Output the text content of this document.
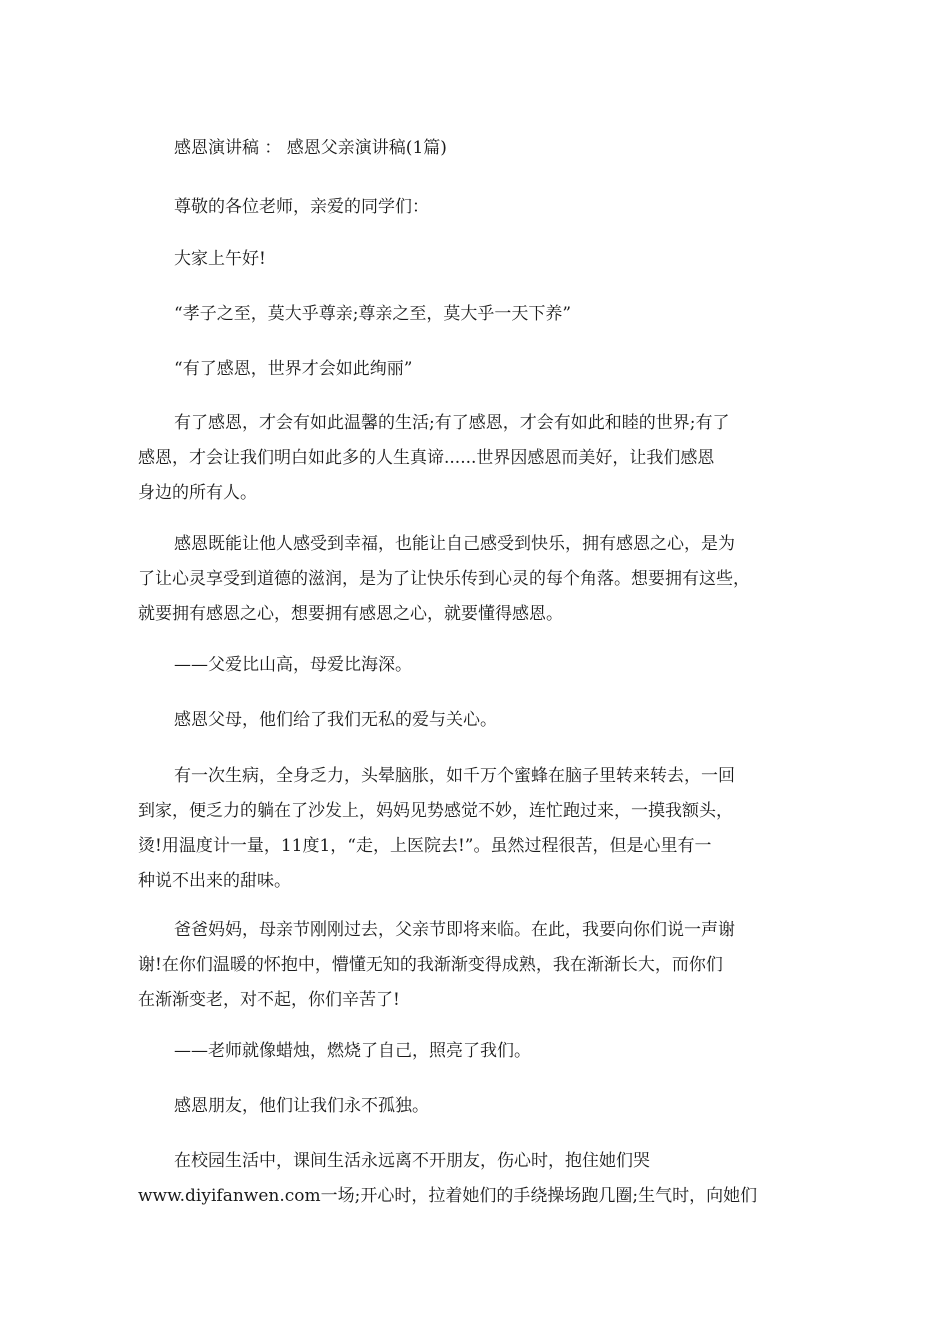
感恩演讲稿 ： 感恩父亲演讲稿(1篇)

尊敬的各位老师，亲爱的同学们：

大家上午好!

“孝子之至，莫大乎尊亲;尊亲之至，莫大乎一天下养”

“有了感恩，世界才会如此绚丽”

有了感恩，才会有如此温馨的生活;有了感恩，才会有如此和睦的世界;有了
感恩，才会让我们明白如此多的人生真谛......世界因感恩而美好，让我们感恩
身边的所有人。
感恩既能让他人感受到幸福，也能让自己感受到快乐，拥有感恩之心，是为
了让心灵享受到道德的滋润，是为了让快乐传到心灵的每个角落。想要拥有这些，
就要拥有感恩之心，想要拥有感恩之心，就要懂得感恩。

——父爱比山高，母爱比海深。

感恩父母，他们给了我们无私的爱与关心。

有一次生病，全身乏力，头晕脑胀，如千万个蜜蜂在脑子里转来转去，一回
到家，便乏力的躺在了沙发上，妈妈见势感觉不妙，连忙跑过来，一摸我额头，
烫!用温度计一量，11度1，“走，上医院去!”。虽然过程很苦，但是心里有一
种说不出来的甜味。
爸爸妈妈，母亲节刚刚过去，父亲节即将来临。在此，我要向你们说一声谢
谢!在你们温暖的怀抱中，懵懂无知的我渐渐变得成熟，我在渐渐长大，而你们
在渐渐变老，对不起，你们辛苦了!

——老师就像蜡烛，燃烧了自己，照亮了我们。

感恩朋友，他们让我们永不孤独。

在校园生活中，课间生活永远离不开朋友，伤心时，抱住她们哭
www.diyifanwen.com一场;开心时，拉着她们的手绕操场跑几圈;生气时，向她们
